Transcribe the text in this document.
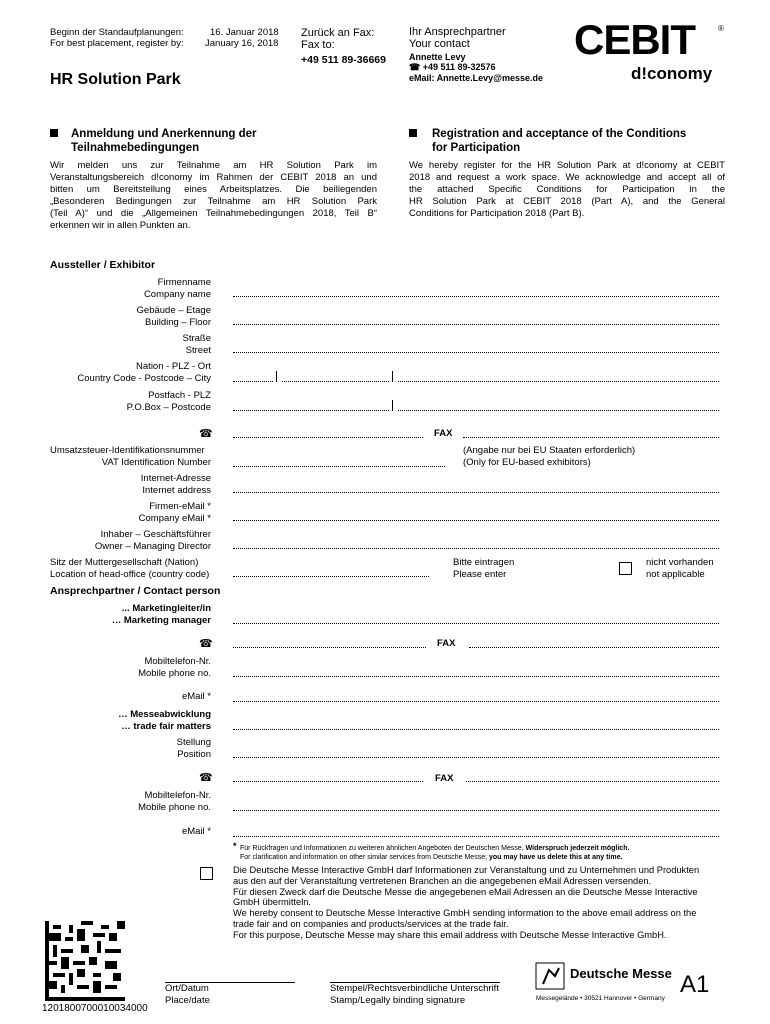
Beginn der Standaufplanungen:	16. Januar 2018
For best placement, register by: January 16, 2018
Zurück an Fax:
Fax to:
+49 511 89-36669
Ihr Ansprechpartner
Your contact
Annette Levy
☎ +49 511 89-32576
eMail: Annette.Levy@messe.de
HR Solution Park
CEBIT	®
d!conomy
Anmeldung und Anerkennung der
Teilnahmebedingungen
Wir melden uns zur Teilnahme am HR Solution Park im
Veranstaltungsbereich d!conomy im Rahmen der CEBIT 2018 an und
bitten um Bereitstellung eines Arbeitsplatzes. Die beiliegenden
„Besonderen Bedingungen zur Teilnahme am HR Solution Park
(Teil A)“ und die „Allgemeinen Teilnahmebedingungen 2018, Teil B“
erkennen wir in allen Punkten an.
Registration and acceptance of the Conditions
for Participation
We hereby register for the HR Solution Park at d!conomy at CEBIT
2018 and request a work space. We acknowledge and accept all of
the attached Specific Conditions for Participation in the
HR Solution Park at CEBIT 2018 (Part A), and the General
Conditions for Participation 2018 (Part B).
Aussteller / Exhibitor
Firmenname
Company name
Gebäude – Etage
Building – Floor
Straße
Street
Nation - PLZ - Ort
Country Code - Postcode – City
Postfach - PLZ
P.O.Box – Postcode
☎	FAX
Umsatzsteuer-Identifikationsnummer
VAT Identification Number
(Angabe nur bei EU Staaten erforderlich)
(Only for EU-based exhibitors)
Internet-Adresse
Internet address
Firmen-eMail *
Company eMail *
Inhaber – Geschäftsführer
Owner – Managing Director
Sitz der Muttergesellschaft (Nation)
Location of head-office (country code)
Bitte eintragen
Please enter
nicht vorhanden
not applicable
Ansprechpartner / Contact person
... Marketingleiter/in
… Marketing manager
☎	FAX
Mobiltelefon-Nr.
Mobile phone no.
eMail *
… Messeabwicklung
… trade fair matters
Stellung
Position
☎	FAX
Mobiltelefon-Nr.
Mobile phone no.
eMail *
* Für Rückfragen und Informationen zu weiteren ähnlichen Angeboten der Deutschen Messe, Widerspruch jederzeit möglich.
For clarification and information on other similar services from Deutsche Messe; you may have us delete this at any time.
Die Deutsche Messe Interactive GmbH darf Informationen zur Veranstaltung und zu Unternehmen und Produkten
aus den auf der Veranstaltung vertretenen Branchen an die angegebenen eMail Adressen versenden.
Für diesen Zweck darf die Deutsche Messe die angegebenen eMail Adressen an die Deutsche Messe Interactive
GmbH übermitteln.
We hereby consent to Deutsche Messe Interactive GmbH sending information to the above email address on the
trade fair and on companies and products/services at the trade fair.
For this purpose, Deutsche Messe may share this email address with Deutsche Messe Interactive GmbH.
1201800700010034000
Ort/Datum
Place/date
Stempel/Rechtsverbindliche Unterschrift
Stamp/Legally binding signature
Deutsche Messe
Messegelände • 30521 Hannover • Germany
A1
